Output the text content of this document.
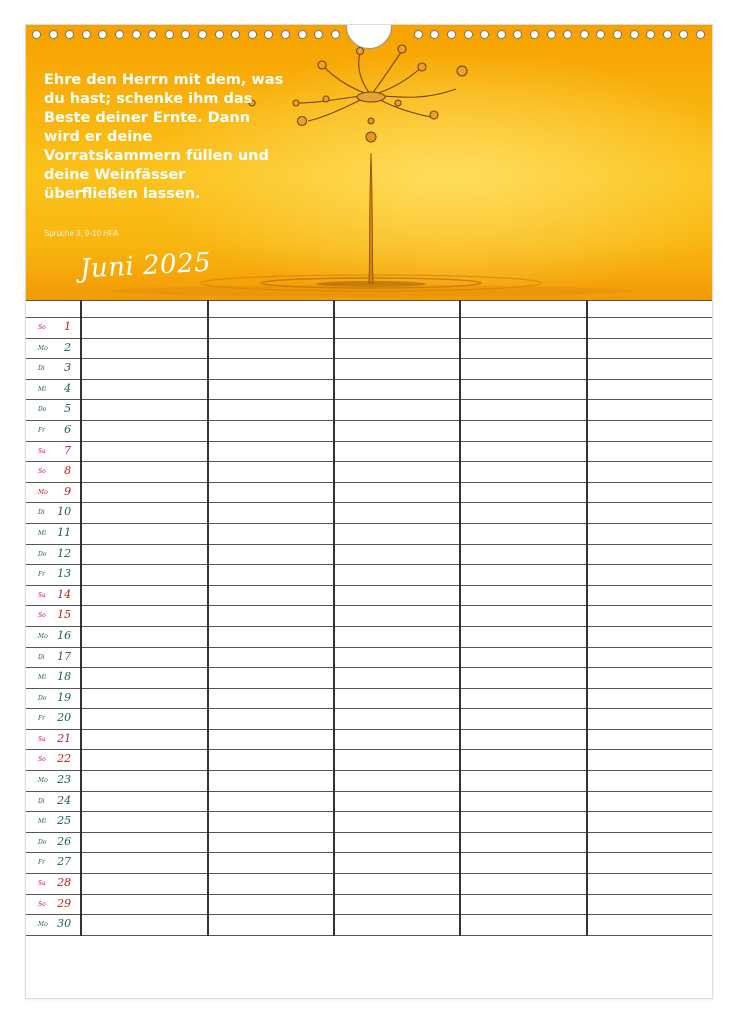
Ehre den Herrn mit dem, was du hast; schenke ihm das Beste deiner Ernte. Dann wird er deine Vorratskammern füllen und deine Weinfässer überfließen lassen.

Sprüche 3, 9-10 HFA
Juni 2025

So 1					

Mo 2					

Di 3					

Mi 4					

Do 5					

Fr 6					

Sa 7					

So 8					

Mo 9					

Di 10					

Mi 11					

Do 12					

Fr 13					

Sa 14					

So 15					

Mo 16					

Di 17					

Mi 18					

Do 19					

Fr 20					

Sa 21					

So 22					

Mo 23					

Di 24					

Mi 25					

Do 26					

Fr 27					

Sa 28					

So 29					

Mo 30					
